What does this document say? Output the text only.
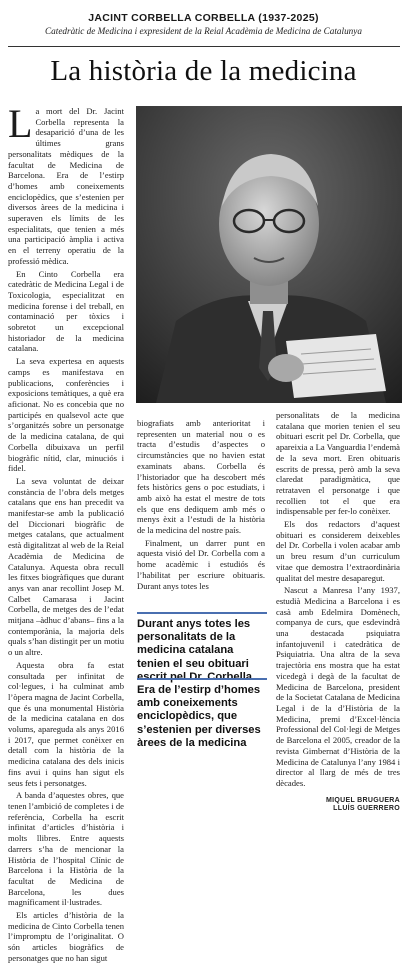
JACINT CORBELLA CORBELLA (1937-2025)
Catedràtic de Medicina i expresident de la Reial Acadèmia de Medicina de Catalunya
La història de la medicina

La mort del Dr. Jacint Corbella representa la desaparició d’una de les últimes grans personalitats mèdiques de la facultat de Medicina de Barcelona. Era de l’estirp d’homes amb coneixements enciclopèdics, que s’estenien per diversos àrees de la medicina i superaven els límits de les especialitats, que tenien a més una participació àmplia i activa en el terreny operatiu de la professió mèdica.

En Cinto Corbella era catedràtic de Medicina Legal i de Toxicologia, especialitzat en medicina forense i del treball, en contaminació per tòxics i sobretot un excepcional historiador de la medicina catalana.

La seva expertesa en aquests camps es manifestava en publicacions, conferències i exposicions temàtiques, a què era aficionat. No es concebia que no participés en qualsevol acte que s’organitzés sobre un personatge de la medicina catalana, de qui Corbella dibuixava un perfil biogràfic nítid, clar, minuciós i fidel.

La seva voluntat de deixar constància de l’obra dels metges catalans que ens han precedit va manifestar-se amb la publicació del Diccionari biogràfic de metges catalans, que actualment està digitalitzat al web de la Reial Acadèmia de Medicina de Catalunya. Aquesta obra recull les fitxes biogràfiques que durant anys van anar recollint Josep M. Calbet Camarasa i Jacint Corbella, de metges des de l’edat mitjana –àdhuc d’abans– fins a la contemporània, la majoria dels quals s’han distingit per un motiu o un altre.

Aquesta obra fa estat consultada per infinitat de col·legues, i ha culminat amb l’òpera magna de Jacint Corbella, que és una monumental Història de la medicina catalana en dos volums, apareguda als anys 2016 i 2017, que permet conèixer en detall com la història de la medicina catalana des dels inicis fins avui i quins han sigut els seus fets i personatges.

A banda d’aquestes obres, que tenen l’ambició de completes i de referència, Corbella ha escrit infinitat d’articles d’història i molts llibres. Entre aquests darrers s’ha de mencionar la Història de l’hospital Clínic de Barcelona i la Història de la facultat de Medicina de Barcelona, les dues magníficament il·lustrades.

Els articles d’història de la medicina de Cinto Corbella tenen l’impromptu de l’originalitat. O són articles biogràfics de personatges que no han sigut

biografiats amb anterioritat i representen un material nou o es tracta d’estudis d’aspectes o circumstàncies que no havien estat examinats abans. Corbella és l’historiador que ha descobert més fets històrics gens o poc estudiats, i amb això ha estat el mestre de tots els que ens dediquem amb més o menys èxit a l’estudi de la història de la medicina del nostre país.

Finalment, un darrer punt en aquesta visió del Dr. Corbella com a home acadèmic i estudiós és l’habilitat per escriure obituaris. Durant anys totes les

Durant anys totes les personalitats de la medicina catalana tenien el seu obituari escrit pel Dr. Corbella
Era de l’estirp d’homes amb coneixements enciclopèdics, que s’estenien per diverses àrees de la medicina

personalitats de la medicina catalana que morien tenien el seu obituari escrit pel Dr. Corbella, que apareixia a La Vanguardia l’endemà de la seva mort. Eren obituaris escrits de pressa, però amb la seva claredat paradigmàtica, que retrataven el personatge i que recollien tot el que era indispensable per fer-lo conèixer.

Els dos redactors d’aquest obituari es considerem deixebles del Dr. Corbella i volen acabar amb un breu resum d’un curriculum vitae que demostra l’extraordinària qualitat del mestre desaparegut.

Nascut a Manresa l’any 1937, estudià Medicina a Barcelona i es casà amb Edelmira Domènech, companya de curs, que esdevindrà una destacada psiquiatra infantojuvenil i catedràtica de Psiquiatria. Una altra de la seva trajectòria ens mostra que ha estat vicedegà i degà de la facultat de Medicina de Barcelona, president de la Societat Catalana de Medicina Legal i de la d’Història de la Medicina, premi d’Excel·lència Professional del Col·legi de Metges de Barcelona el 2005, creador de la revista Gimbernat d’Història de la Medicina de Catalunya l’any 1984 i director al llarg de més de tres dècades.

MIQUEL BRUGUERA
LLUÍS GUERRERO
